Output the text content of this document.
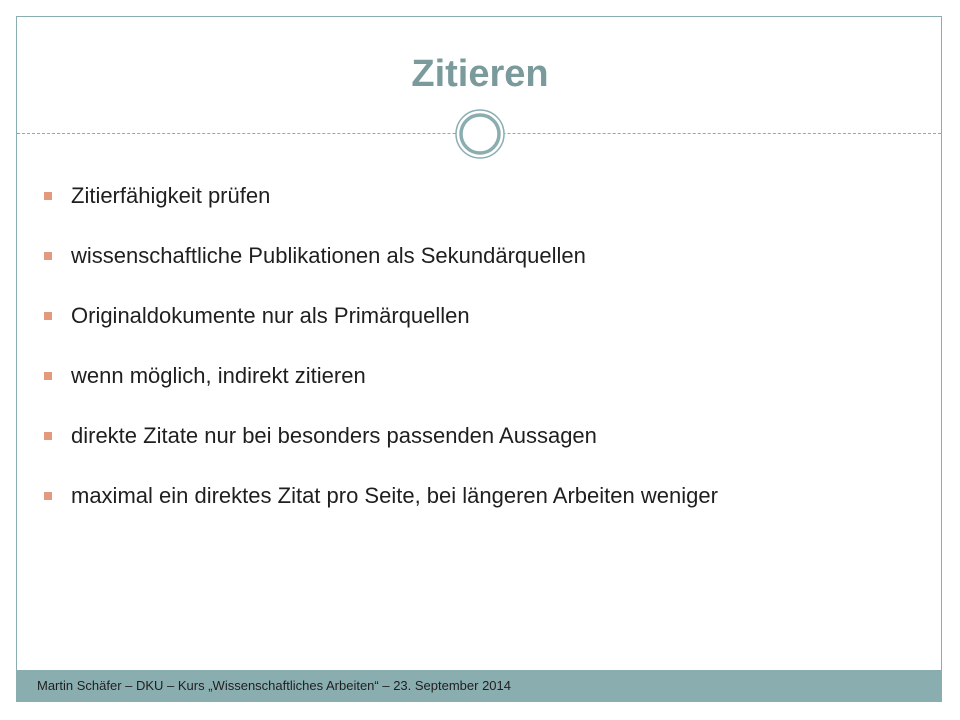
Zitieren
Zitierfähigkeit prüfen
wissenschaftliche Publikationen als Sekundärquellen
Originaldokumente nur als Primärquellen
wenn möglich, indirekt zitieren
direkte Zitate nur bei besonders passenden Aussagen
maximal ein direktes Zitat pro Seite, bei längeren Arbeiten weniger
Martin Schäfer – DKU – Kurs „Wissenschaftliches Arbeiten“ – 23. September 2014
